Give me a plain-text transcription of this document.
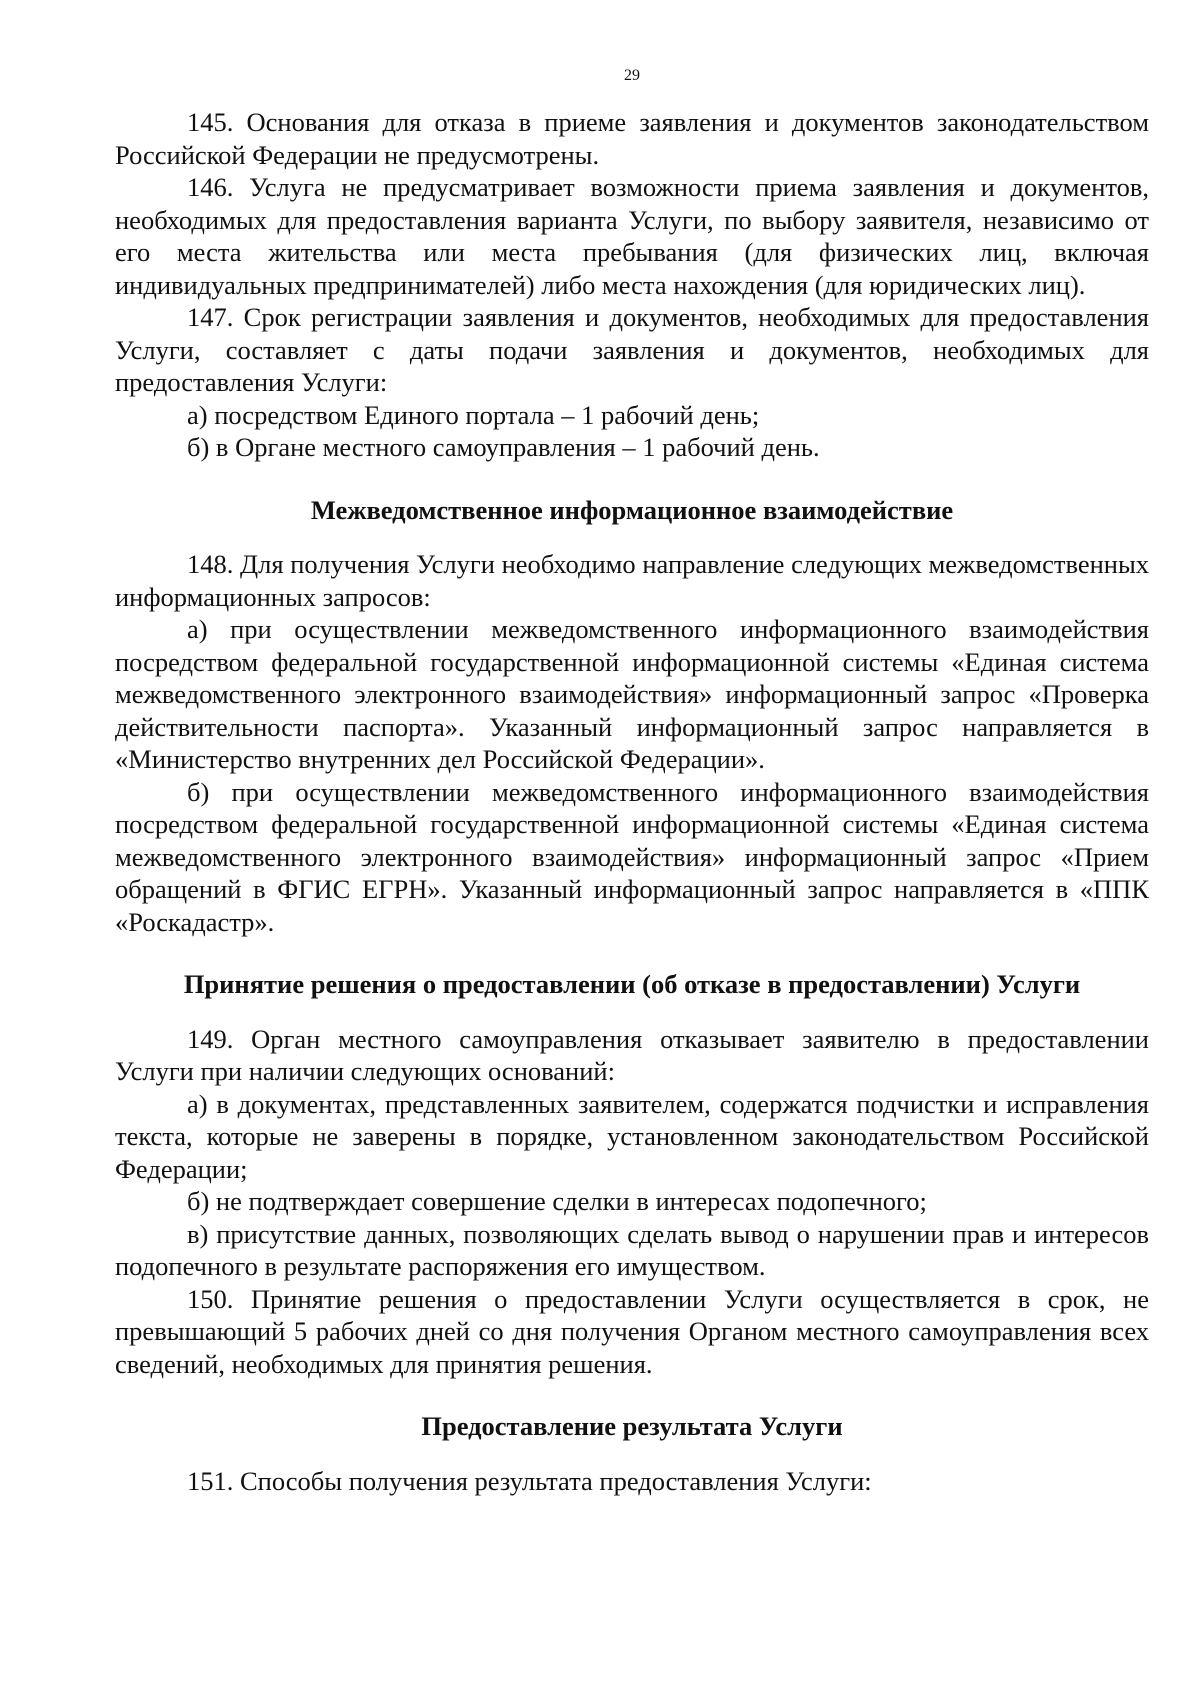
29

145. Основания для отказа в приеме заявления и документов законодательством Российской Федерации не предусмотрены.

146. Услуга не предусматривает возможности приема заявления и документов, необходимых для предоставления варианта Услуги, по выбору заявителя, независимо от его места жительства или места пребывания (для физических лиц, включая индивидуальных предпринимателей) либо места нахождения (для юридических лиц).

147. Срок регистрации заявления и документов, необходимых для предоставления Услуги, составляет с даты подачи заявления и документов, необходимых для предоставления Услуги:

а) посредством Единого портала – 1 рабочий день;

б) в Органе местного самоуправления – 1 рабочий день.

Межведомственное информационное взаимодействие

148. Для получения Услуги необходимо направление следующих межведомственных информационных запросов:

а) при осуществлении межведомственного информационного взаимодействия посредством федеральной государственной информационной системы «Единая система межведомственного электронного взаимодействия» информационный запрос «Проверка действительности паспорта». Указанный информационный запрос направляется в «Министерство внутренних дел Российской Федерации».

б) при осуществлении межведомственного информационного взаимодействия посредством федеральной государственной информационной системы «Единая система межведомственного электронного взаимодействия» информационный запрос «Прием обращений в ФГИС ЕГРН». Указанный информационный запрос направляется в «ППК «Роскадастр».

Принятие решения о предоставлении (об отказе в предоставлении) Услуги

149. Орган местного самоуправления отказывает заявителю в предоставлении Услуги при наличии следующих оснований:

а) в документах, представленных заявителем, содержатся подчистки и исправления текста, которые не заверены в порядке, установленном законодательством Российской Федерации;

б) не подтверждает совершение сделки в интересах подопечного;

в) присутствие данных, позволяющих сделать вывод о нарушении прав и интересов подопечного в результате распоряжения его имуществом.

150. Принятие решения о предоставлении Услуги осуществляется в срок, не превышающий 5 рабочих дней со дня получения Органом местного самоуправления всех сведений, необходимых для принятия решения.

Предоставление результата Услуги

151. Способы получения результата предоставления Услуги:
